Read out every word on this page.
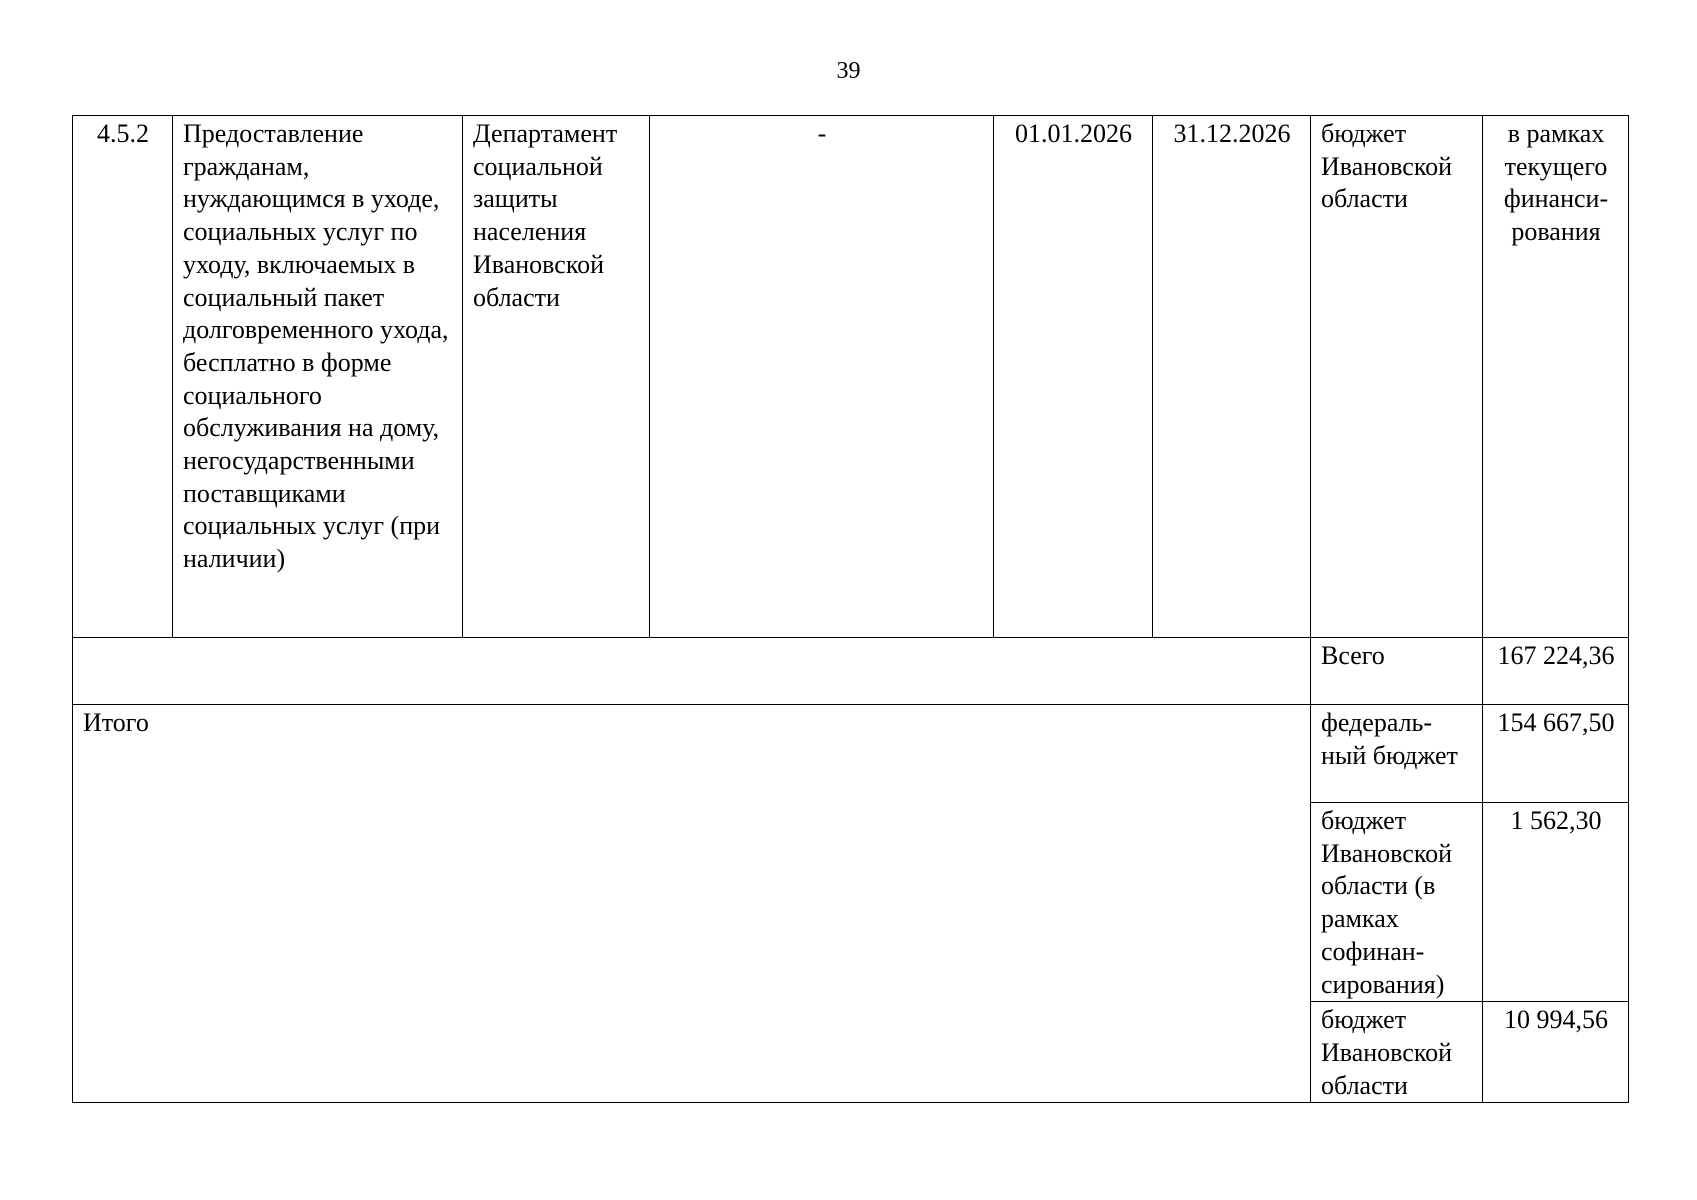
39
4.5.2	Предоставление гражданам, нуждающимся в уходе, социальных услуг по уходу, включаемых в социальный пакет долговременного ухода, бесплатно в форме социального обслуживания на дому, негосударственными поставщиками социальных услуг (при наличии)	Департамент социальной защиты населения Ивановской области	-	01.01.2026	31.12.2026	бюджет Ивановской области	в рамках текущего финанси-рования
						Всего	167 224,36
Итого						федераль-ный бюджет	154 667,50
						бюджет Ивановской области (в рамках софинан-сирования)	1 562,30
						бюджет Ивановской области	10 994,56
